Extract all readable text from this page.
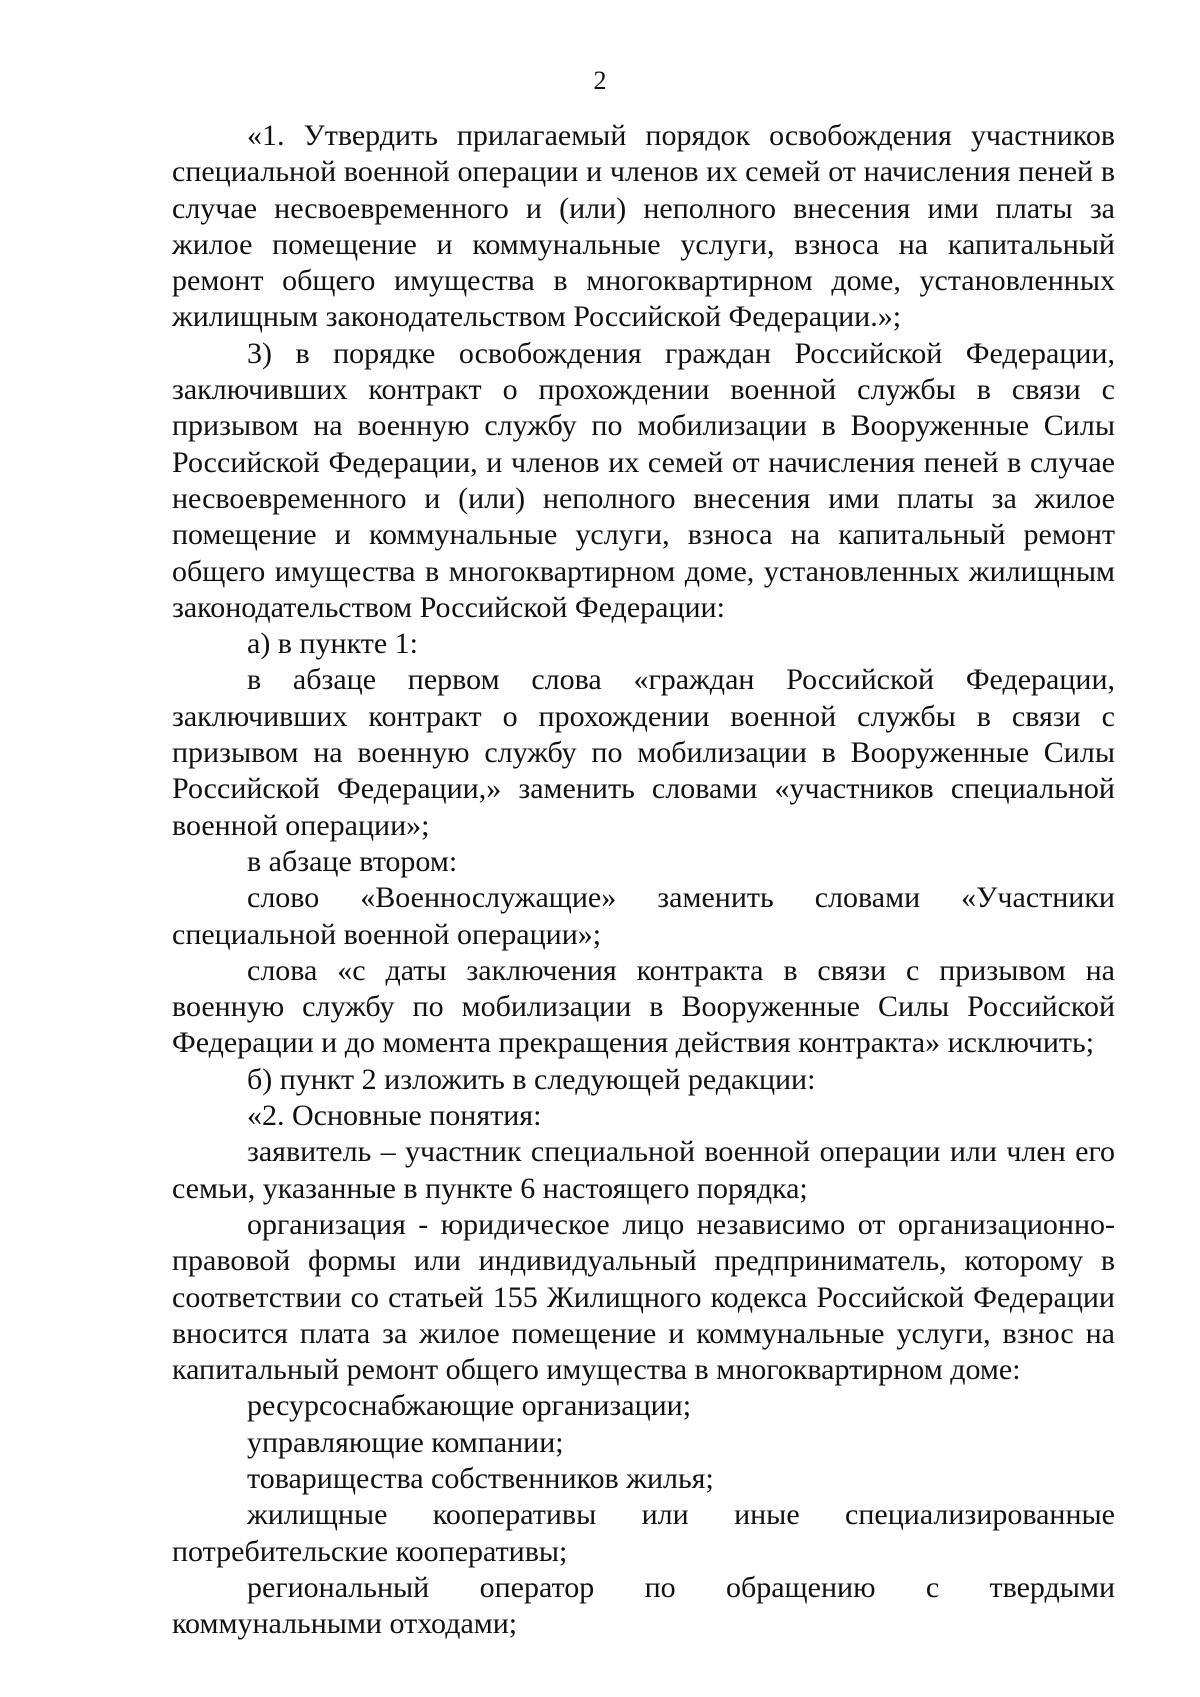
2

«1. Утвердить прилагаемый порядок освобождения участников специальной военной операции и членов их семей от начисления пеней в случае несвоевременного и (или) неполного внесения ими платы за жилое помещение и коммунальные услуги, взноса на капитальный ремонт общего имущества в многоквартирном доме, установленных жилищным законодательством Российской Федерации.»;

3) в порядке освобождения граждан Российской Федерации, заключивших контракт о прохождении военной службы в связи с призывом на военную службу по мобилизации в Вооруженные Силы Российской Федерации, и членов их семей от начисления пеней в случае несвоевременного и (или) неполного внесения ими платы за жилое помещение и коммунальные услуги, взноса на капитальный ремонт общего имущества в многоквартирном доме, установленных жилищным законодательством Российской Федерации:

а) в пункте 1:

в абзаце первом слова «граждан Российской Федерации, заключивших контракт о прохождении военной службы в связи с призывом на военную службу по мобилизации в Вооруженные Силы Российской Федерации,» заменить словами «участников специальной военной операции»;

в абзаце втором:

слово «Военнослужащие» заменить словами «Участники специальной военной операции»;

слова «с даты заключения контракта в связи с призывом на военную службу по мобилизации в Вооруженные Силы Российской Федерации и до момента прекращения действия контракта» исключить;

б) пункт 2 изложить в следующей редакции:

«2. Основные понятия:

заявитель – участник специальной военной операции или член его семьи, указанные в пункте 6 настоящего порядка;

организация - юридическое лицо независимо от организационно-правовой формы или индивидуальный предприниматель, которому в соответствии со статьей 155 Жилищного кодекса Российской Федерации вносится плата за жилое помещение и коммунальные услуги, взнос на капитальный ремонт общего имущества в многоквартирном доме:

ресурсоснабжающие организации;

управляющие компании;

товарищества собственников жилья;

жилищные кооперативы или иные специализированные потребительские кооперативы;

региональный оператор по обращению с твердыми коммунальными отходами;
